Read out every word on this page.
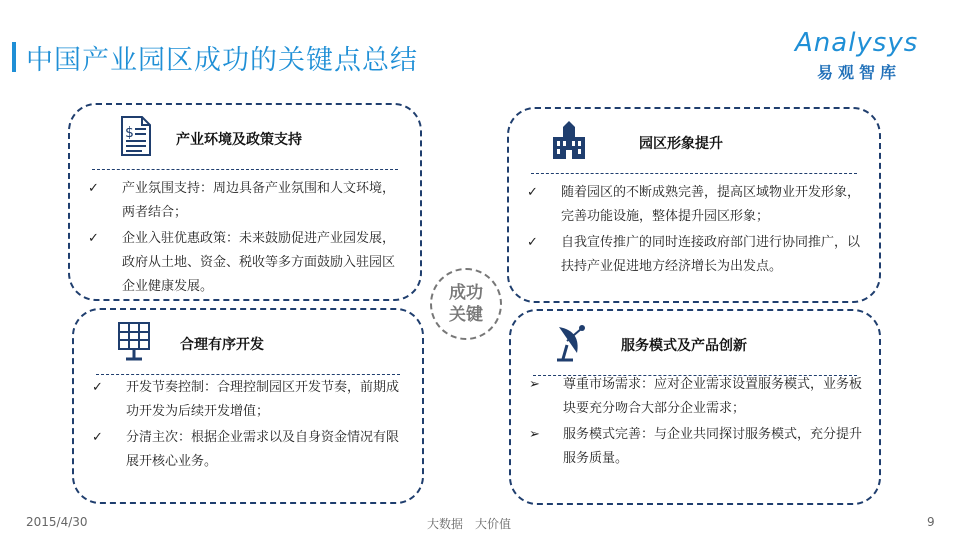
中国产业园区成功的关键点总结
Analysys
易观智库
$	产业环境及政策支持
✓ 产业氛围支持：周边具备产业氛围和人文环境，两者结合；
✓ 企业入驻优惠政策：未来鼓励促进产业园发展，政府从土地、资金、税收等多方面鼓励入驻园区企业健康发展。
园区形象提升
✓ 随着园区的不断成熟完善，提高区域物业开发形象，完善功能设施，整体提升园区形象；
✓ 自我宣传推广的同时连接政府部门进行协同推广，以扶持产业促进地方经济增长为出发点。
合理有序开发
✓ 开发节奏控制：合理控制园区开发节奏，前期成功开发为后续开发增值；
✓ 分清主次：根据企业需求以及自身资金情况有限展开核心业务。
服务模式及产品创新
➢ 尊重市场需求：应对企业需求设置服务模式，业务板块要充分吻合大部分企业需求；
➢ 服务模式完善：与企业共同探讨服务模式，充分提升服务质量。
成功
关键
2015/4/30	大数据　大价值	9
